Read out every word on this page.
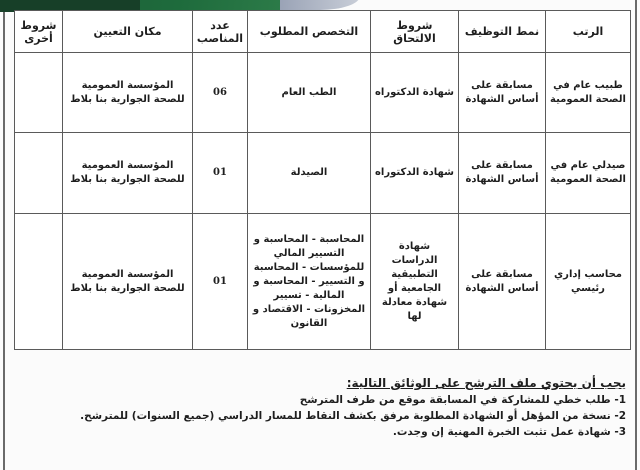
الرتب	نمط التوظيف	شروط الالتحاق	التخصص المطلوب	عدد المناصب	مكان التعيين	شروط أخرى
طبيب عام في الصحة العمومية	مسابقة على أساس الشهادة	شهادة الدكتوراه	الطب العام	06	المؤسسة العمومية للصحة الجوارية بنا بلاط	
صيدلي عام في الصحة العمومية	مسابقة على أساس الشهادة	شهادة الدكتوراه	الصيدلة	01	المؤسسة العمومية للصحة الجوارية بنا بلاط	
محاسب إداري رئيسي	مسابقة على أساس الشهادة	شهادة الدراسات التطبيقية الجامعية أو شهادة معادلة لها	المحاسبة - المحاسبة و التسيير المالي للمؤسسات - المحاسبة و التسيير - المحاسبة و المالية - تسيير المخزونات - الاقتصاد و القانون	01	المؤسسة العمومية للصحة الجوارية بنا بلاط	
يجب أن يحتوي ملف الترشح على الوثائق التالية:
1- طلب خطي للمشاركة في المسابقة موقع من طرف المترشح
2- نسخة من المؤهل أو الشهادة المطلوبة مرفق بكشف النقاط للمسار الدراسي (جميع السنوات) للمترشح.
3- شهادة عمل تثبت الخبرة المهنية إن وجدت.
